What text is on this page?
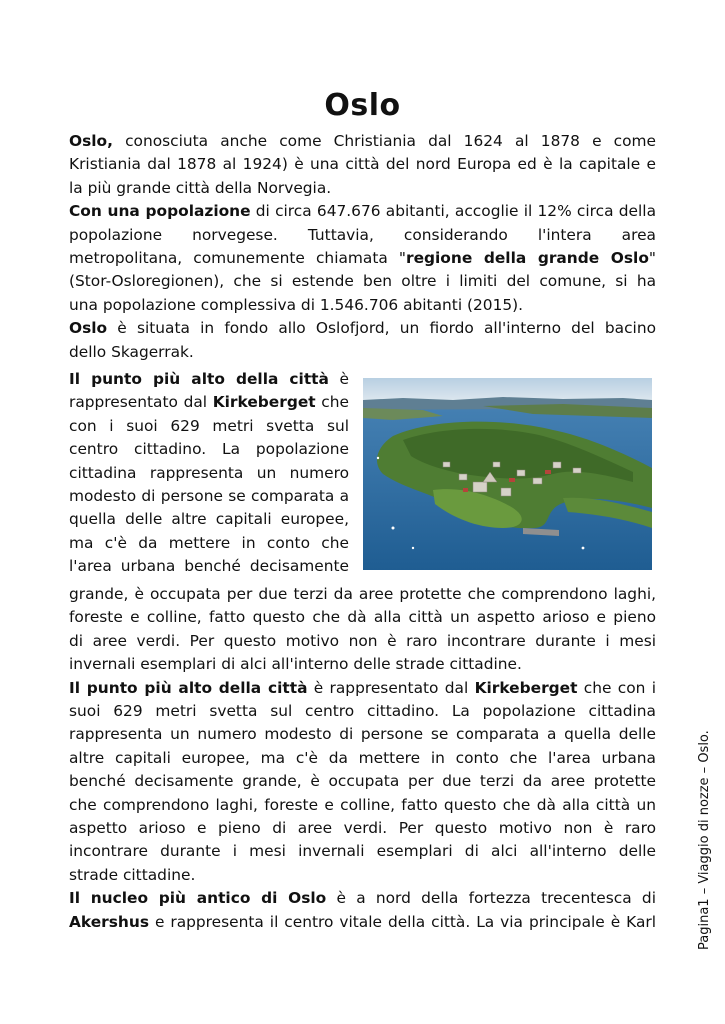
Oslo

Oslo, conosciuta anche come Christiania dal 1624 al 1878 e come

Kristiania dal 1878 al 1924) è una città del nord Europa ed è la capitale e

la più grande città della Norvegia.

Con una popolazione di circa 647.676 abitanti, accoglie il 12% circa della

popolazione norvegese. Tuttavia, considerando l'intera area

metropolitana, comunemente chiamata "regione della grande Oslo"

(Stor-Osloregionen), che si estende ben oltre i limiti del comune, si ha

una popolazione complessiva di 1.546.706 abitanti (2015).

Oslo è situata in fondo allo Oslofjord, un fiordo all'interno del bacino

dello Skagerrak.

Il punto più alto della città è

rappresentato dal Kirkeberget che

con i suoi 629 metri svetta sul

centro cittadino. La popolazione

cittadina rappresenta un numero

modesto di persone se comparata a

quella delle altre capitali europee,

ma c'è da mettere in conto che

l'area urbana benché decisamente

grande, è occupata per due terzi da aree protette che comprendono laghi,

foreste e colline, fatto questo che dà alla città un aspetto arioso e pieno

di aree verdi. Per questo motivo non è raro incontrare durante i mesi

invernali esemplari di alci all'interno delle strade cittadine.

Il punto più alto della città è rappresentato dal Kirkeberget che con i

suoi 629 metri svetta sul centro cittadino. La popolazione cittadina

rappresenta un numero modesto di persone se comparata a quella delle

altre capitali europee, ma c'è da mettere in conto che l'area urbana

benché decisamente grande, è occupata per due terzi da aree protette

che comprendono laghi, foreste e colline, fatto questo che dà alla città un

aspetto arioso e pieno di aree verdi. Per questo motivo non è raro

incontrare durante i mesi invernali esemplari di alci all'interno delle

strade cittadine.

Il nucleo più antico di Oslo è a nord della fortezza trecentesca di

Akershus e rappresenta il centro vitale della città. La via principale è Karl	Pagina1 – Viaggio di nozze – Oslo.
